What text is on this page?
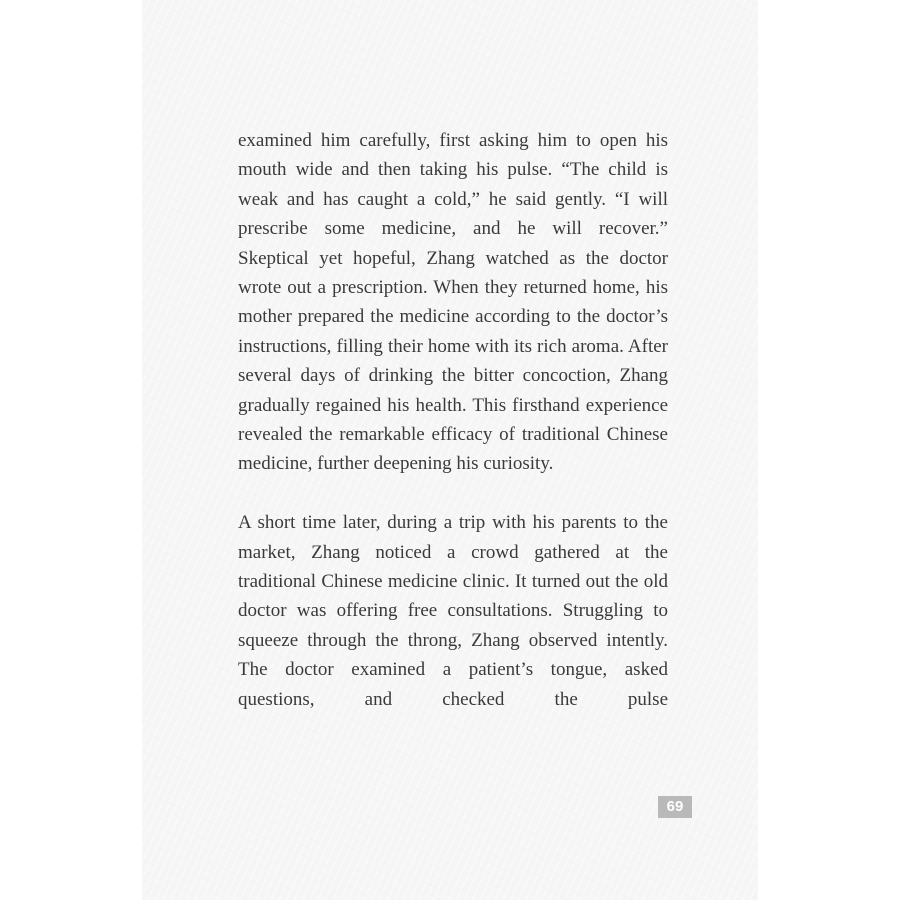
examined him carefully, first asking him to open his mouth wide and then taking his pulse. “The child is weak and has caught a cold,” he said gently. “I will prescribe some medicine, and he will recover.” Skeptical yet hopeful, Zhang watched as the doctor wrote out a prescription. When they returned home, his mother prepared the medicine according to the doctor’s instructions, filling their home with its rich aroma. After several days of drinking the bitter concoction, Zhang gradually regained his health. This firsthand experience revealed the remarkable efficacy of traditional Chinese medicine, further deepening his curiosity.

A short time later, during a trip with his parents to the market, Zhang noticed a crowd gathered at the traditional Chinese medicine clinic. It turned out the old doctor was offering free consultations. Struggling to squeeze through the throng, Zhang observed intently. The doctor examined a patient’s tongue, asked questions, and checked the pulse

69
